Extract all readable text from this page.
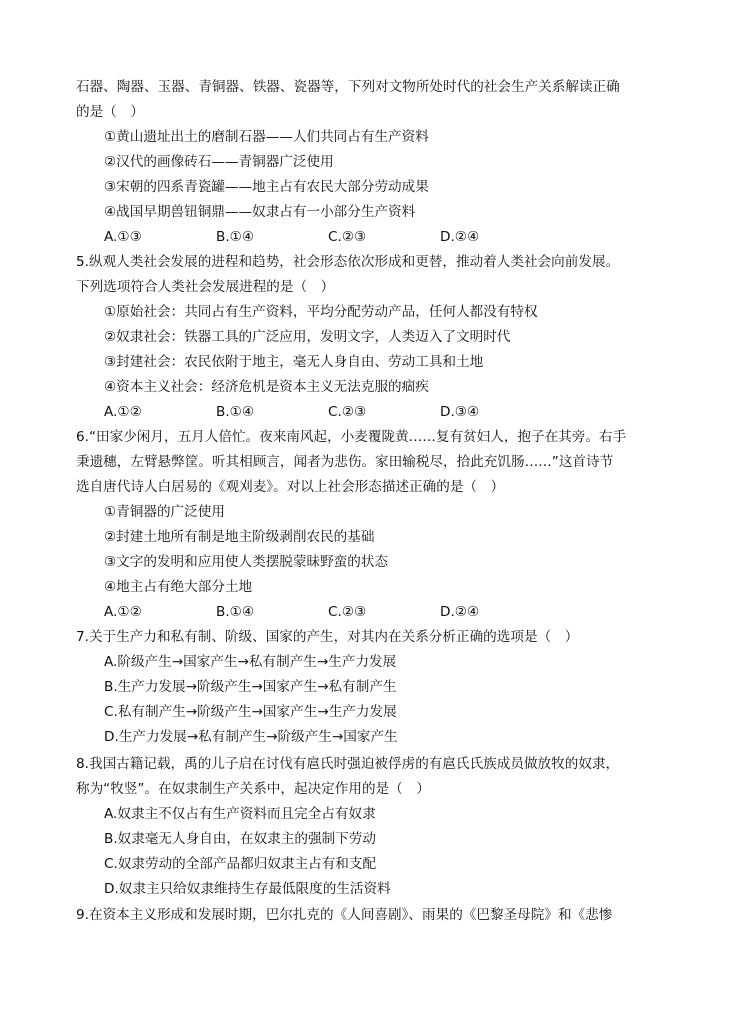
石器、陶器、玉器、青铜器、铁器、瓷器等，下列对文物所处时代的社会生产关系解读正确
的是（　）
①黄山遗址出土的磨制石器——人们共同占有生产资料
②汉代的画像砖石——青铜器广泛使用
③宋朝的四系青瓷罐——地主占有农民大部分劳动成果
④战国早期兽钮铜鼎——奴隶占有一小部分生产资料
A.①③	B.①④	C.②③	D.②④
5.纵观人类社会发展的进程和趋势，社会形态依次形成和更替，推动着人类社会向前发展。
下列选项符合人类社会发展进程的是（　）
①原始社会：共同占有生产资料，平均分配劳动产品，任何人都没有特权
②奴隶社会：铁器工具的广泛应用，发明文字，人类迈入了文明时代
③封建社会：农民依附于地主，毫无人身自由、劳动工具和土地
④资本主义社会：经济危机是资本主义无法克服的痼疾
A.①②	B.①④	C.②③	D.③④
6.“田家少闲月，五月人倍忙。夜来南风起，小麦覆陇黄……复有贫妇人，抱子在其旁。右手
秉遗穗，左臂悬弊筐。听其相顾言，闻者为悲伤。家田输税尽，拾此充饥肠……”这首诗节
选自唐代诗人白居易的《观刈麦》。对以上社会形态描述正确的是（　）
①青铜器的广泛使用
②封建土地所有制是地主阶级剥削农民的基础
③文字的发明和应用使人类摆脱蒙昧野蛮的状态
④地主占有绝大部分土地
A.①②	B.①④	C.②③	D.②④
7.关于生产力和私有制、阶级、国家的产生，对其内在关系分析正确的选项是（　）
A.阶级产生→国家产生→私有制产生→生产力发展
B.生产力发展→阶级产生→国家产生→私有制产生
C.私有制产生→阶级产生→国家产生→生产力发展
D.生产力发展→私有制产生→阶级产生→国家产生
8.我国古籍记载，禹的儿子启在讨伐有扈氏时强迫被俘虏的有扈氏氏族成员做放牧的奴隶，
称为“牧竖”。在奴隶制生产关系中，起决定作用的是（　）
A.奴隶主不仅占有生产资料而且完全占有奴隶
B.奴隶毫无人身自由，在奴隶主的强制下劳动
C.奴隶劳动的全部产品都归奴隶主占有和支配
D.奴隶主只给奴隶维持生存最低限度的生活资料
9.在资本主义形成和发展时期，巴尔扎克的《人间喜剧》、雨果的《巴黎圣母院》和《悲惨
